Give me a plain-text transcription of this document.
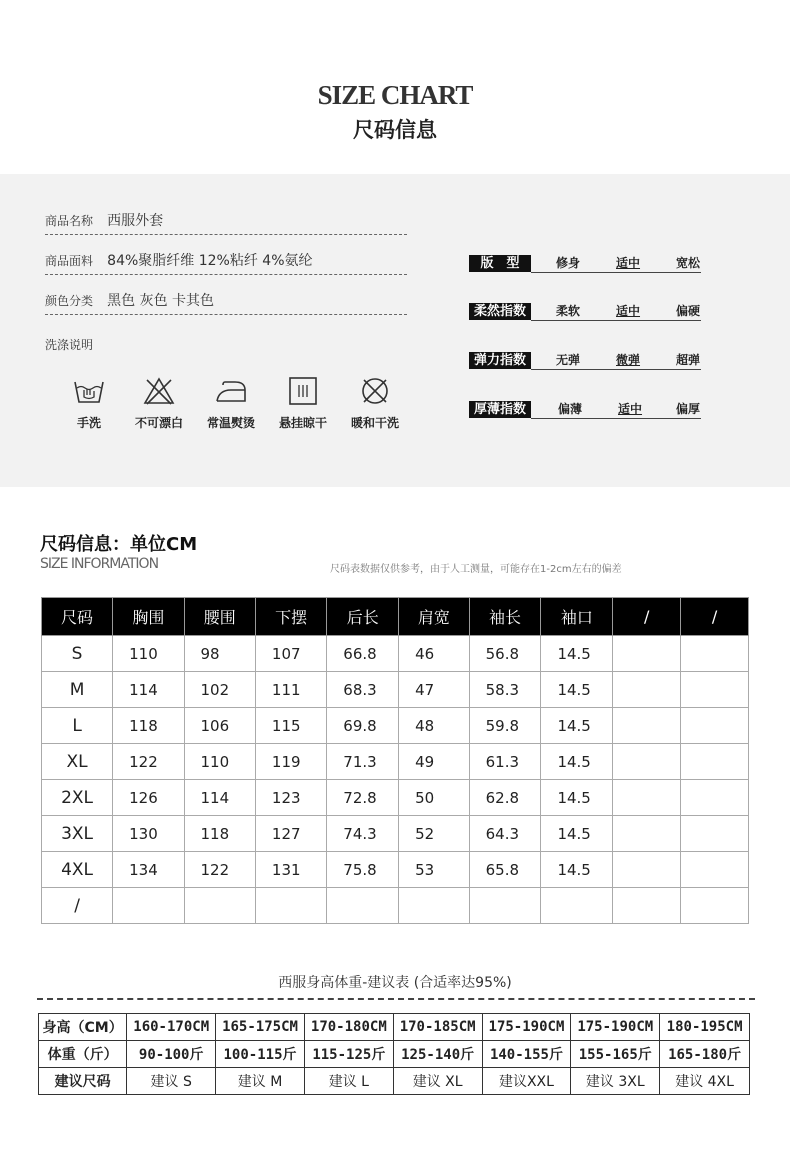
SIZE CHART
尺码信息
商品名称 西服外套
商品面料 84%聚脂纤维 12%粘纤 4%氨纶
颜色分类 黑色 灰色 卡其色
洗涤说明
手洗	不可漂白	常温熨烫	悬挂晾干	暖和干洗
版　型	修身	适中	宽松
柔然指数	柔软	适中	偏硬
弹力指数	无弹	微弹	超弹
厚薄指数	偏薄	适中	偏厚
尺码信息：单位CM
SIZE INFORMATION	尺码表数据仅供参考，由于人工测量，可能存在1-2cm左右的偏差
尺码	胸围	腰围	下摆	后长	肩宽	袖长	袖口	/	/
S	110	98	107	66.8	46	56.8	14.5		
M	114	102	111	68.3	47	58.3	14.5		
L	118	106	115	69.8	48	59.8	14.5		
XL	122	110	119	71.3	49	61.3	14.5		
2XL	126	114	123	72.8	50	62.8	14.5		
3XL	130	118	127	74.3	52	64.3	14.5		
4XL	134	122	131	75.8	53	65.8	14.5		
/									
西服身高体重-建议表 (合适率达95%)
身高（CM）	160-170CM	165-175CM	170-180CM	170-185CM	175-190CM	175-190CM	180-195CM
体重（斤）	90-100斤	100-115斤	115-125斤	125-140斤	140-155斤	155-165斤	165-180斤
建议尺码	建议 S	建议 M	建议 L	建议 XL	建议XXL	建议 3XL	建议 4XL
